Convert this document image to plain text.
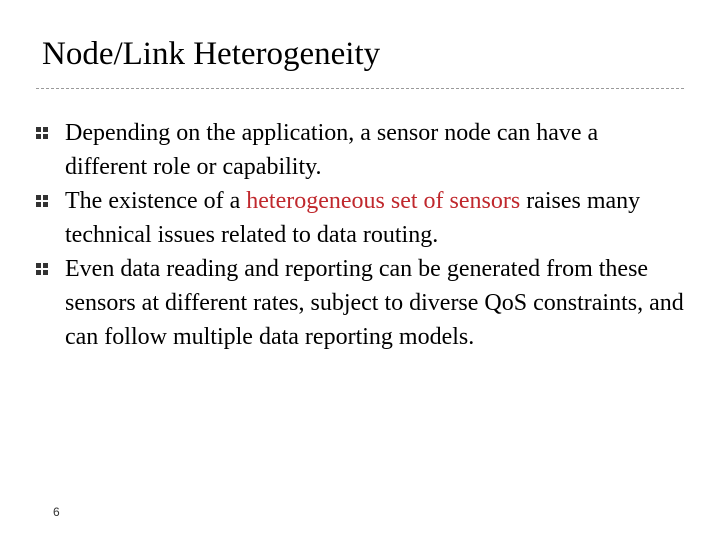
Node/Link Heterogeneity
Depending on the application, a sensor node can have a different role or capability.
The existence of a heterogeneous set of sensors raises many technical issues related to data routing.
Even data reading and reporting can be generated from these sensors at different rates, subject to diverse QoS constraints, and can follow multiple data reporting models.
6
